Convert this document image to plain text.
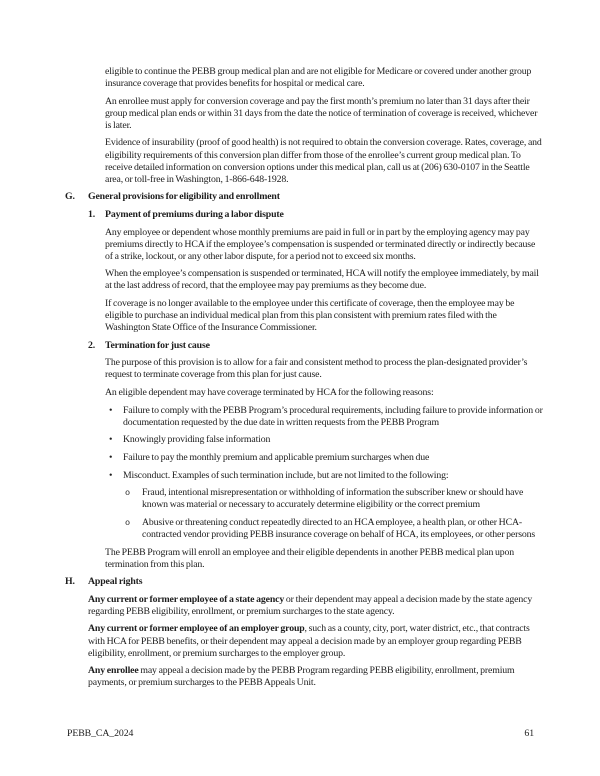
eligible to continue the PEBB group medical plan and are not eligible for Medicare or covered under another group insurance coverage that provides benefits for hospital or medical care.

An enrollee must apply for conversion coverage and pay the first month’s premium no later than 31 days after their group medical plan ends or within 31 days from the date the notice of termination of coverage is received, whichever is later.

Evidence of insurability (proof of good health) is not required to obtain the conversion coverage. Rates, coverage, and eligibility requirements of this conversion plan differ from those of the enrollee’s current group medical plan. To receive detailed information on conversion options under this medical plan, call us at (206) 630-0107 in the Seattle area, or toll-free in Washington, 1-866-648-1928.

G.	General provisions for eligibility and enrollment
1.	Payment of premiums during a labor dispute

Any employee or dependent whose monthly premiums are paid in full or in part by the employing agency may pay premiums directly to HCA if the employee’s compensation is suspended or terminated directly or indirectly because of a strike, lockout, or any other labor dispute, for a period not to exceed six months.

When the employee’s compensation is suspended or terminated, HCA will notify the employee immediately, by mail at the last address of record, that the employee may pay premiums as they become due.

If coverage is no longer available to the employee under this certificate of coverage, then the employee may be eligible to purchase an individual medical plan from this plan consistent with premium rates filed with the Washington State Office of the Insurance Commissioner.

2.	Termination for just cause

The purpose of this provision is to allow for a fair and consistent method to process the plan-designated provider’s request to terminate coverage from this plan for just cause.

An eligible dependent may have coverage terminated by HCA for the following reasons:

•	Failure to comply with the PEBB Program’s procedural requirements, including failure to provide information or documentation requested by the due date in written requests from the PEBB Program
•	Knowingly providing false information
•	Failure to pay the monthly premium and applicable premium surcharges when due
•	Misconduct. Examples of such termination include, but are not limited to the following:
o	Fraud, intentional misrepresentation or withholding of information the subscriber knew or should have known was material or necessary to accurately determine eligibility or the correct premium
o	Abusive or threatening conduct repeatedly directed to an HCA employee, a health plan, or other HCA-contracted vendor providing PEBB insurance coverage on behalf of HCA, its employees, or other persons

The PEBB Program will enroll an employee and their eligible dependents in another PEBB medical plan upon termination from this plan.

H.	Appeal rights

Any current or former employee of a state agency or their dependent may appeal a decision made by the state agency regarding PEBB eligibility, enrollment, or premium surcharges to the state agency.

Any current or former employee of an employer group, such as a county, city, port, water district, etc., that contracts with HCA for PEBB benefits, or their dependent may appeal a decision made by an employer group regarding PEBB eligibility, enrollment, or premium surcharges to the employer group.

Any enrollee may appeal a decision made by the PEBB Program regarding PEBB eligibility, enrollment, premium payments, or premium surcharges to the PEBB Appeals Unit.

PEBB_CA_2024	61
